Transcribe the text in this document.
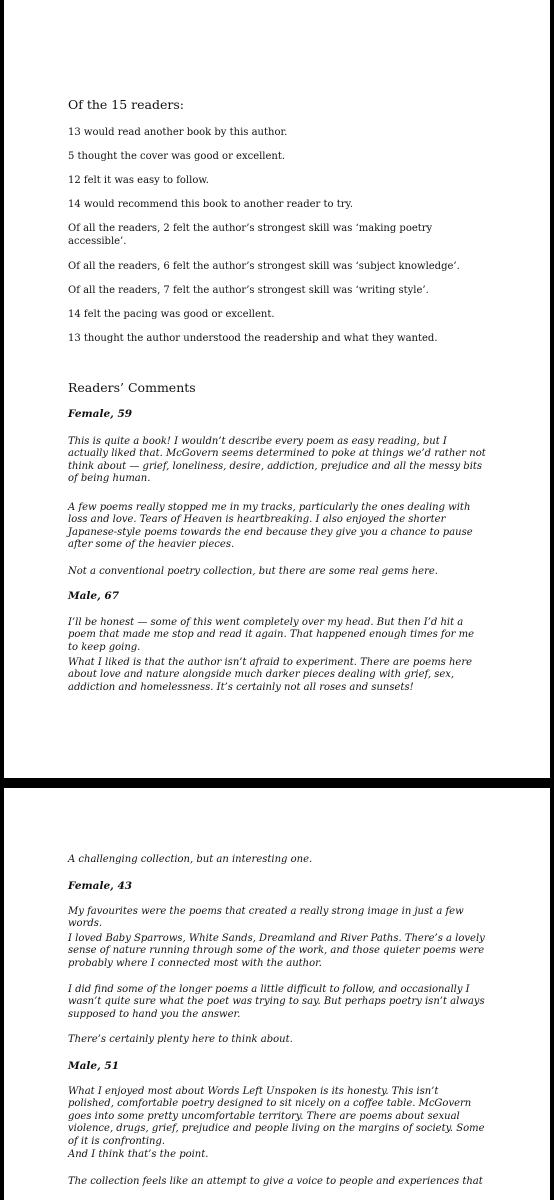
Of the 15 readers:

13 would read another book by this author.

5 thought the cover was good or excellent.

12 felt it was easy to follow.

14 would recommend this book to another reader to try.

Of all the readers, 2 felt the author’s strongest skill was ‘making poetry accessible’.

Of all the readers, 6 felt the author’s strongest skill was ‘subject knowledge’.

Of all the readers, 7 felt the author’s strongest skill was ‘writing style’.

14 felt the pacing was good or excellent.

13 thought the author understood the readership and what they wanted.

Readers’ Comments

Female, 59

This is quite a book! I wouldn’t describe every poem as easy reading, but I actually liked that. McGovern seems determined to poke at things we’d rather not think about — grief, loneliness, desire, addiction, prejudice and all the messy bits of being human.

A few poems really stopped me in my tracks, particularly the ones dealing with loss and love. Tears of Heaven is heartbreaking. I also enjoyed the shorter Japanese-style poems towards the end because they give you a chance to pause after some of the heavier pieces.

Not a conventional poetry collection, but there are some real gems here.

Male, 67

I’ll be honest — some of this went completely over my head. But then I’d hit a poem that made me stop and read it again. That happened enough times for me to keep going.

What I liked is that the author isn’t afraid to experiment. There are poems here about love and nature alongside much darker pieces dealing with grief, sex, addiction and homelessness. It’s certainly not all roses and sunsets!

A challenging collection, but an interesting one.

Female, 43

My favourites were the poems that created a really strong image in just a few words.

I loved Baby Sparrows, White Sands, Dreamland and River Paths. There’s a lovely sense of nature running through some of the work, and those quieter poems were probably where I connected most with the author.

I did find some of the longer poems a little difficult to follow, and occasionally I wasn’t quite sure what the poet was trying to say. But perhaps poetry isn’t always supposed to hand you the answer.

There’s certainly plenty here to think about.

Male, 51

What I enjoyed most about Words Left Unspoken is its honesty. This isn’t polished, comfortable poetry designed to sit nicely on a coffee table. McGovern goes into some pretty uncomfortable territory. There are poems about sexual violence, drugs, grief, prejudice and people living on the margins of society. Some of it is confronting.

And I think that’s the point.

The collection feels like an attempt to give a voice to people and experiences that
